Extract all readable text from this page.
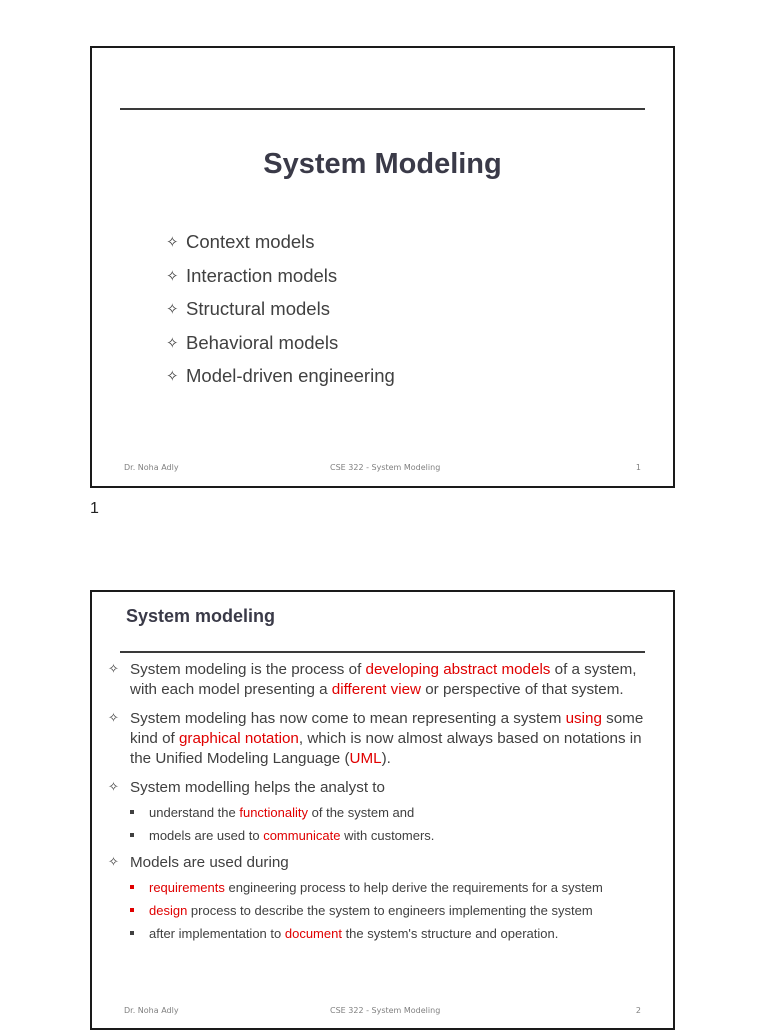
System Modeling
✧ Context models
✧ Interaction models
✧ Structural models
✧ Behavioral models
✧ Model-driven engineering
Dr. Noha Adly	CSE 322 - System Modeling	1
1
System modeling
✧ System modeling is the process of developing abstract models of a system, with each model presenting a different view or perspective of that system.
✧ System modeling has now come to mean representing a system using some kind of graphical notation, which is now almost always based on notations in the Unified Modeling Language (UML).
✧ System modelling helps the analyst to
understand the functionality of the system and
models are used to communicate with customers.
✧ Models are used during
requirements engineering process to help derive the requirements for a system
design process to describe the system to engineers implementing the system
after implementation to document the system's structure and operation.
Dr. Noha Adly	CSE 322 - System Modeling	2
